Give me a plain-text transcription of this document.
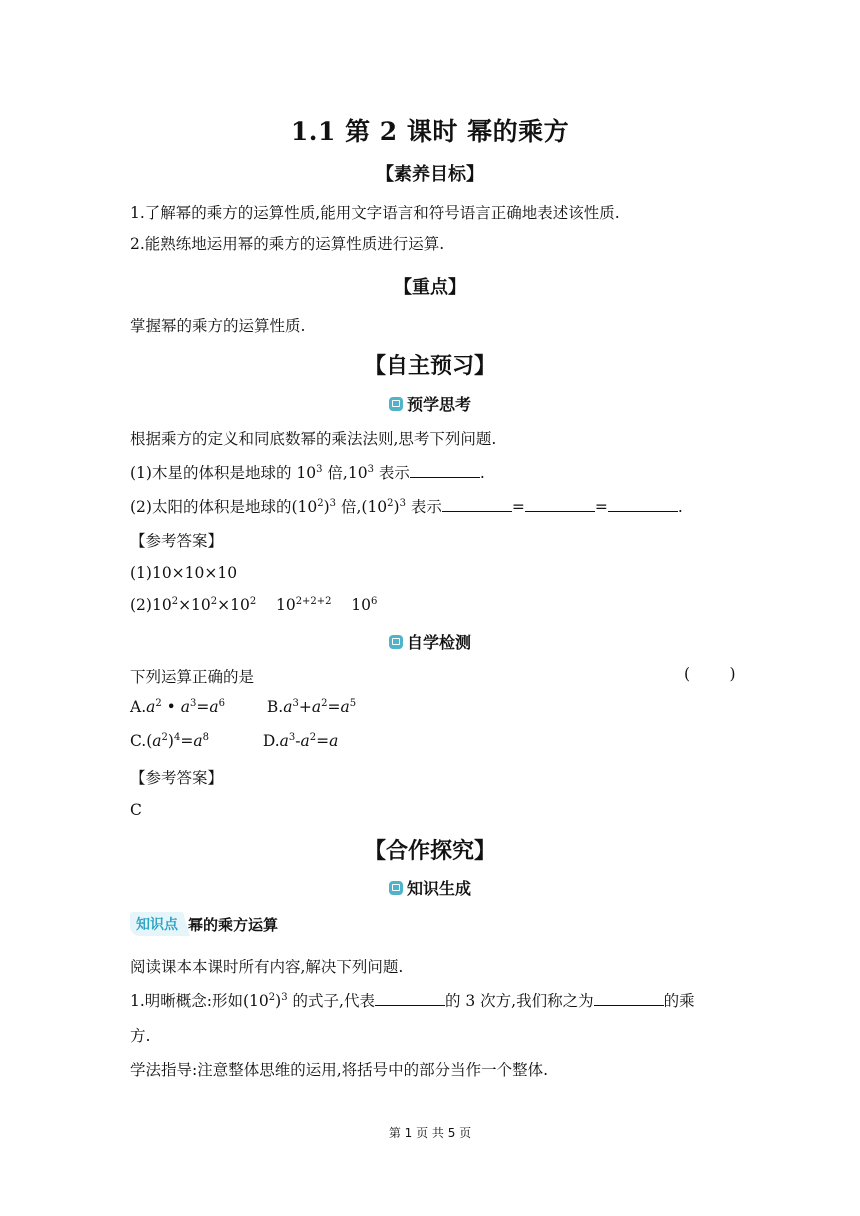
1.1 第 2 课时 幂的乘方
【素养目标】
1.了解幂的乘方的运算性质,能用文字语言和符号语言正确地表述该性质.
2.能熟练地运用幂的乘方的运算性质进行运算.
【重点】
掌握幂的乘方的运算性质.
【自主预习】
预学思考
根据乘方的定义和同底数幂的乘法法则,思考下列问题.
(1)木星的体积是地球的 $10^3$ 倍$,10^3$ 表示	.
(2)太阳的体积是地球的$(10^2)^3$ 倍$,(10^2)^3$ 表示	=	=	.
【参考答案】
(1)10×10×10
$(2)10^2\times 10^2\times 10^2$    $10^{2+2+2}$    $10^6$
自学检测
下列运算正确的是	(        )
$A.a^2$ • $a^3=a^6$	$B.a^3+a^2=a^5$
$C.(a^2)^4=a^8$	$D.a^3-a^2=a$
【参考答案】
C
【合作探究】
知识生成
知识点 幂的乘方运算
阅读课本本课时所有内容,解决下列问题.
1.明晰概念:形如$(10^2)^3$ 的式子,代表	的 3 次方,我们称之为	的乘
方.
学法指导:注意整体思维的运用,将括号中的部分当作一个整体.
第 1 页 共 5 页
